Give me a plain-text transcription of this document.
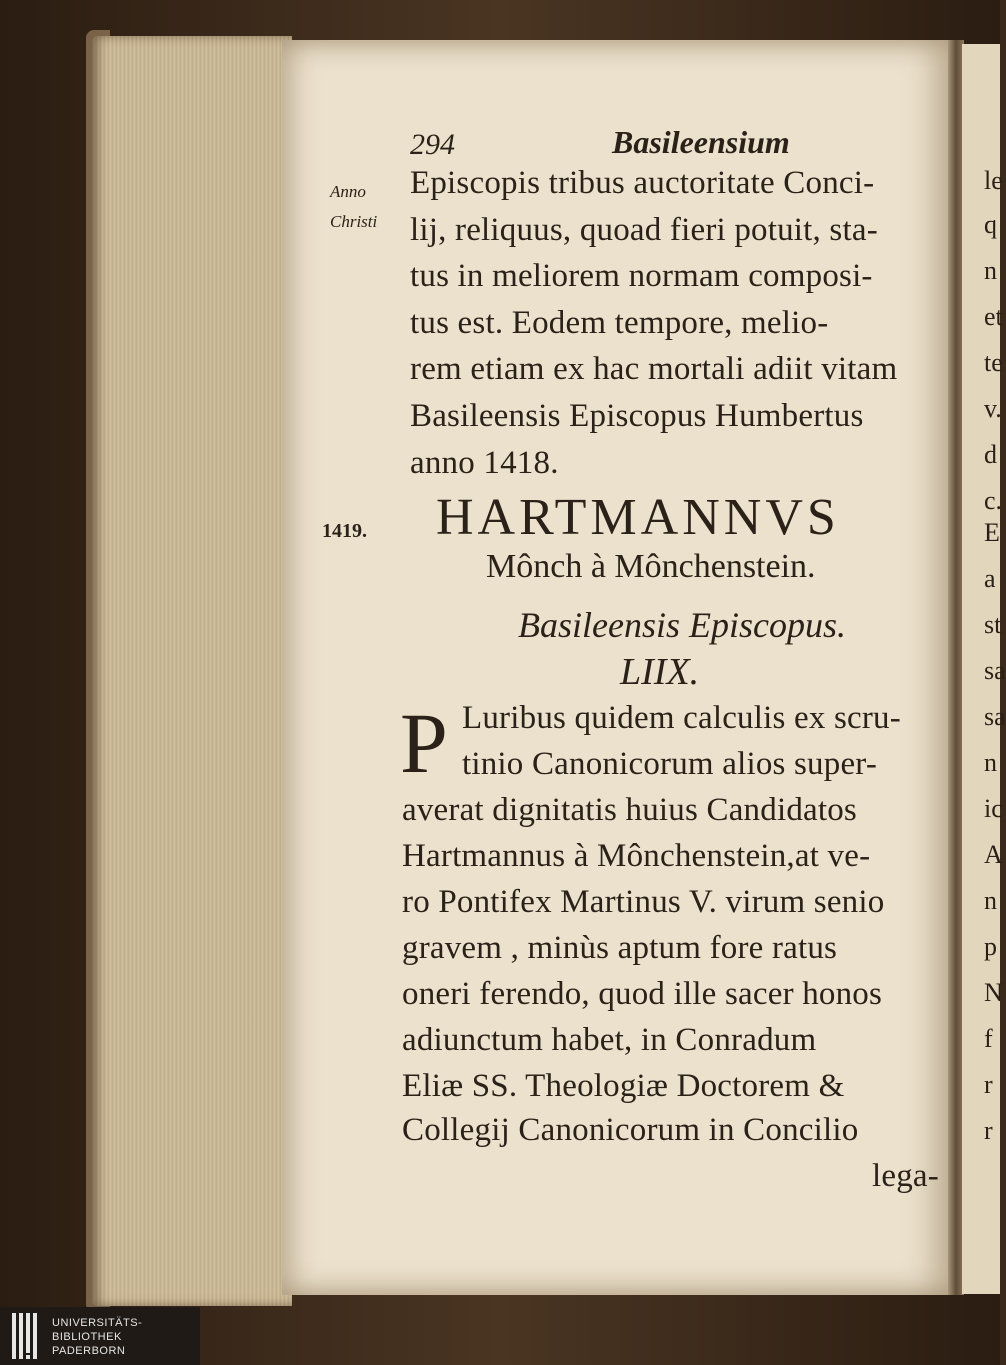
le
q
n
et
te
v.
d
c.
E
a
st
sa
sa
n
ic
A
n
p
N
f
r
r
294	Basileensium
Anno
Christi
1419.
Episcopis tribus auctoritate Conci-
lij, reliquus, quoad fieri potuit, sta-
tus in meliorem normam composi-
tus est. Eodem tempore, melio-
rem etiam ex hac mortali adiit vitam
Basileensis Episcopus Humbertus
anno 1418.
HARTMANNVS
Mônch à Mônchenstein.
Basileensis Episcopus.
LIIX.
P Luribus quidem calculis ex scru-
tinio Canonicorum alios super-
averat dignitatis huius Candidatos
Hartmannus à Mônchenstein,at ve-
ro Pontifex Martinus V. virum senio
gravem , minùs aptum fore ratus
oneri ferendo, quod ille sacer honos
adiunctum habet, in Conradum
Eliæ SS. Theologiæ Doctorem &
Collegij Canonicorum in Concilio
lega-
UNIVERSITÄTS-
BIBLIOTHEK
PADERBORN
